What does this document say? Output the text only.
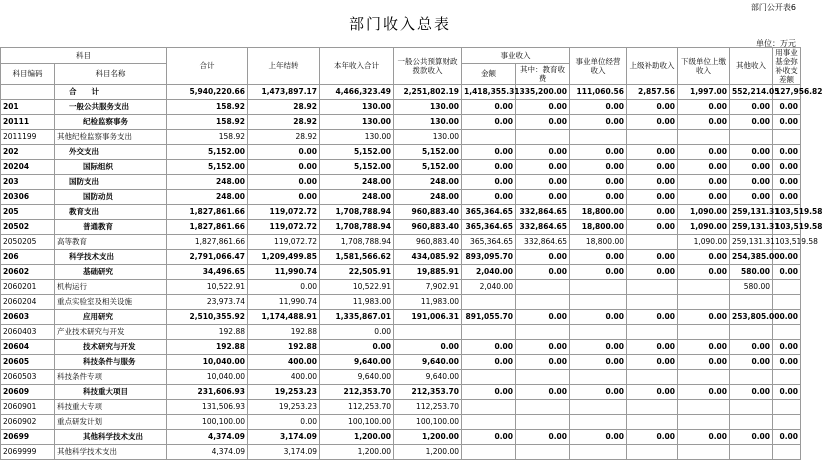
部门公开表6
部门收入总表
单位：万元
科目		合计	上年结转	本年收入合计	一般公共预算财政拨款收入	事业收入		事业单位经营收入	上级补助收入	下级单位上缴收入	其他收入	用事业基金弥补收支差额
科目编码	科目名称					金额	其中：教育收费					
	合　　计	5,940,220.66	1,473,897.17	4,466,323.49	2,251,802.19	1,418,355.31	335,200.00	111,060.56	2,857.56	1,997.00	552,214.05	127,956.82
201	一般公共服务支出	158.92	28.92	130.00	130.00	0.00	0.00	0.00	0.00	0.00	0.00	0.00
20111	纪检监察事务	158.92	28.92	130.00	130.00	0.00	0.00	0.00	0.00	0.00	0.00	0.00
2011199	其他纪检监察事务支出	158.92	28.92	130.00	130.00							
202	外交支出	5,152.00	0.00	5,152.00	5,152.00	0.00	0.00	0.00	0.00	0.00	0.00	0.00
20204	国际组织	5,152.00	0.00	5,152.00	5,152.00	0.00	0.00	0.00	0.00	0.00	0.00	0.00
203	国防支出	248.00	0.00	248.00	248.00	0.00	0.00	0.00	0.00	0.00	0.00	0.00
20306	国防动员	248.00	0.00	248.00	248.00	0.00	0.00	0.00	0.00	0.00	0.00	0.00
205	教育支出	1,827,861.66	119,072.72	1,708,788.94	960,883.40	365,364.65	332,864.65	18,800.00	0.00	1,090.00	259,131.31	103,519.58
20502	普通教育	1,827,861.66	119,072.72	1,708,788.94	960,883.40	365,364.65	332,864.65	18,800.00	0.00	1,090.00	259,131.31	103,519.58
2050205	高等教育	1,827,861.66	119,072.72	1,708,788.94	960,883.40	365,364.65	332,864.65	18,800.00		1,090.00	259,131.31	103,519.58
206	科学技术支出	2,791,066.47	1,209,499.85	1,581,566.62	434,085.92	893,095.70	0.00	0.00	0.00	0.00	254,385.00	0.00
20602	基础研究	34,496.65	11,990.74	22,505.91	19,885.91	2,040.00	0.00	0.00	0.00	0.00	580.00	0.00
2060201	机构运行	10,522.91	0.00	10,522.91	7,902.91	2,040.00					580.00	
2060204	重点实验室及相关设施	23,973.74	11,990.74	11,983.00	11,983.00							
20603	应用研究	2,510,355.92	1,174,488.91	1,335,867.01	191,006.31	891,055.70	0.00	0.00	0.00	0.00	253,805.00	0.00
2060403	产业技术研究与开发	192.88	192.88	0.00								
20604	技术研究与开发	192.88	192.88	0.00	0.00	0.00	0.00	0.00	0.00	0.00	0.00	0.00
20605	科技条件与服务	10,040.00	400.00	9,640.00	9,640.00	0.00	0.00	0.00	0.00	0.00	0.00	0.00
2060503	科技条件专项	10,040.00	400.00	9,640.00	9,640.00							
20609	科技重大项目	231,606.93	19,253.23	212,353.70	212,353.70	0.00	0.00	0.00	0.00	0.00	0.00	0.00
2060901	科技重大专项	131,506.93	19,253.23	112,253.70	112,253.70							
2060902	重点研发计划	100,100.00	0.00	100,100.00	100,100.00							
20699	其他科学技术支出	4,374.09	3,174.09	1,200.00	1,200.00	0.00	0.00	0.00	0.00	0.00	0.00	0.00
2069999	其他科学技术支出	4,374.09	3,174.09	1,200.00	1,200.00							
